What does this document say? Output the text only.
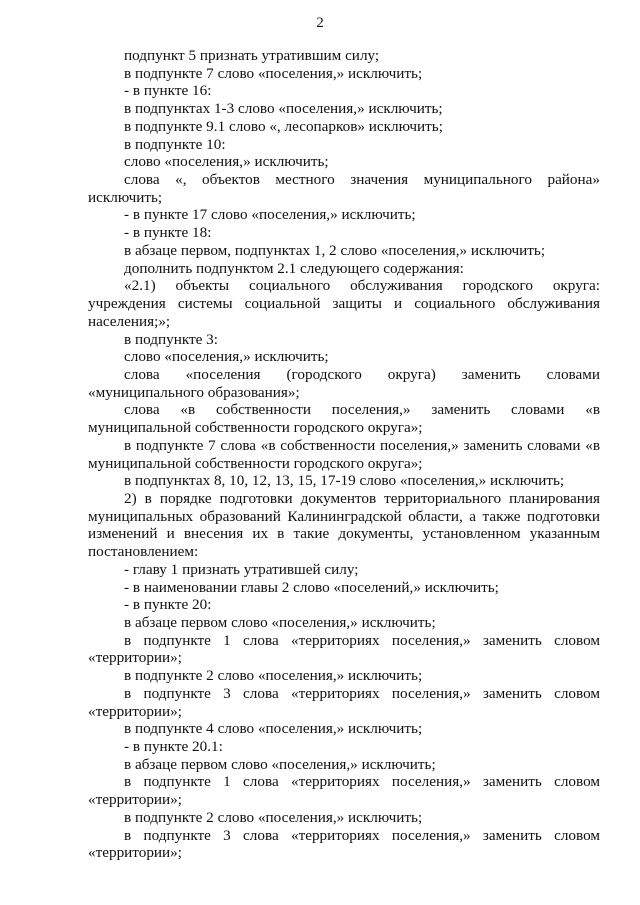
2

подпункт 5 признать утратившим силу;

в подпункте 7 слово «поселения,» исключить;

- в пункте 16:

в подпунктах 1-3 слово «поселения,» исключить;

в подпункте 9.1 слово «, лесопарков» исключить;

в подпункте 10:

слово «поселения,» исключить;

слова «, объектов местного значения муниципального района» исключить;

- в пункте 17 слово «поселения,» исключить;

- в пункте 18:

в абзаце первом, подпунктах 1, 2 слово «поселения,» исключить;

дополнить подпунктом 2.1 следующего содержания:

«2.1) объекты социального обслуживания городского округа: учреждения системы социальной защиты и социального обслуживания населения;»;

в подпункте 3:

слово «поселения,» исключить;

слова «поселения (городского округа) заменить словами «муниципального образования»;

слова «в собственности поселения,» заменить словами «в муниципальной собственности городского округа»;

в подпункте 7 слова «в собственности поселения,» заменить словами «в муниципальной собственности городского округа»;

в подпунктах 8, 10, 12, 13, 15, 17-19 слово «поселения,» исключить;

2) в порядке подготовки документов территориального планирования муниципальных образований Калининградской области, а также подготовки изменений и внесения их в такие документы, установленном указанным постановлением:

- главу 1 признать утратившей силу;

- в наименовании главы 2 слово «поселений,» исключить;

- в пункте 20:

в абзаце первом слово «поселения,» исключить;

в подпункте 1 слова «территориях поселения,» заменить словом «территории»;

в подпункте 2 слово «поселения,» исключить;

в подпункте 3 слова «территориях поселения,» заменить словом «территории»;

в подпункте 4 слово «поселения,» исключить;

- в пункте 20.1:

в абзаце первом слово «поселения,» исключить;

в подпункте 1 слова «территориях поселения,» заменить словом «территории»;

в подпункте 2 слово «поселения,» исключить;

в подпункте 3 слова «территориях поселения,» заменить словом «территории»;
